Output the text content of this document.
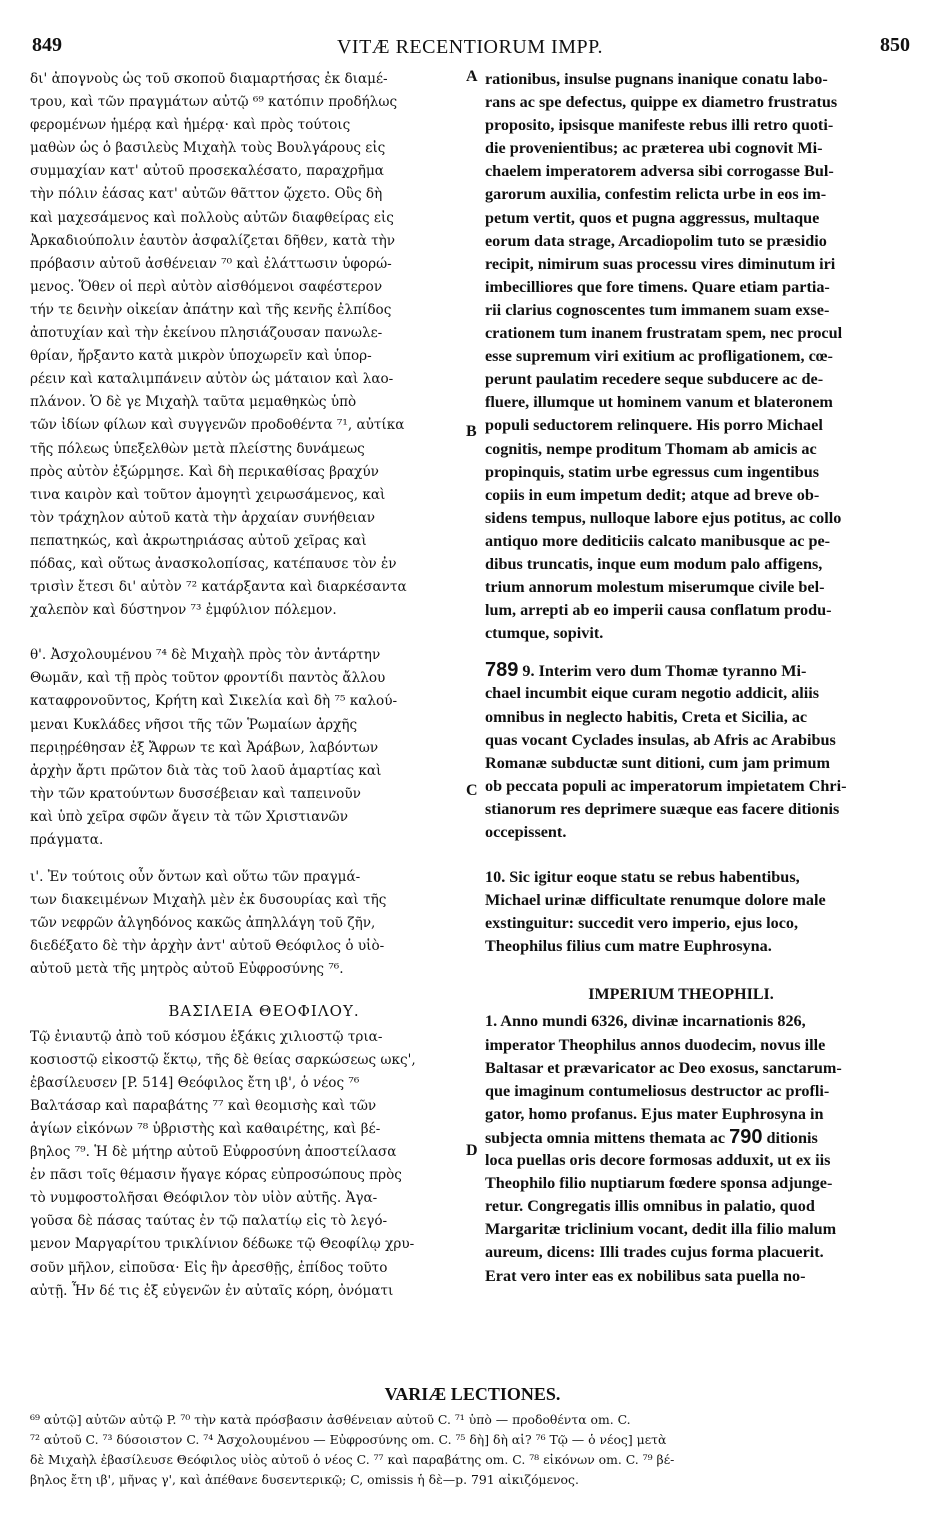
849	VITÆ RECENTIORUM IMPP.	850
A
B
C
D
δι' ἀπογνοὺς ὡς τοῦ σκοποῦ διαμαρτήσας ἐκ διαμέ-
τρου, καὶ τῶν πραγμάτων αὐτῷ ⁶⁹ κατόπιν προδήλως
φερομένων ἡμέρᾳ καὶ ἡμέρᾳ· καὶ πρὸς τούτοις
μαθὼν ὡς ὁ βασιλεὺς Μιχαὴλ τοὺς Βουλγάρους εἰς
συμμαχίαν κατ' αὐτοῦ προσεκαλέσατο, παραχρῆμα
τὴν πόλιν ἐάσας κατ' αὐτῶν θᾶττον ᾤχετο. Οὓς δὴ
καὶ μαχεσάμενος καὶ πολλοὺς αὐτῶν διαφθείρας εἰς
Ἀρκαδιούπολιν ἑαυτὸν ἀσφαλίζεται δῆθεν, κατὰ τὴν
πρόβασιν αὐτοῦ ἀσθένειαν ⁷⁰ καὶ ἐλάττωσιν ὑφορώ-
μενος. Ὅθεν οἱ περὶ αὐτὸν αἰσθόμενοι σαφέστερον
τήν τε δεινὴν οἰκείαν ἀπάτην καὶ τῆς κενῆς ἐλπίδος
ἀποτυχίαν καὶ τὴν ἐκείνου πλησιάζουσαν πανωλε-
θρίαν, ἤρξαντο κατὰ μικρὸν ὑποχωρεῖν καὶ ὑπορ-
ρέειν καὶ καταλιμπάνειν αὐτὸν ὡς μάταιον καὶ λαο-
πλάνον. Ὁ δὲ γε Μιχαὴλ ταῦτα μεμαθηκὼς ὑπὸ
τῶν ἰδίων φίλων καὶ συγγενῶν προδοθέντα ⁷¹, αὐτίκα
τῆς πόλεως ὑπεξελθὼν μετὰ πλείστης δυνάμεως
πρὸς αὐτὸν ἐξώρμησε. Καὶ δὴ περικαθίσας βραχύν
τινα καιρὸν καὶ τοῦτον ἀμογητὶ χειρωσάμενος, καὶ
τὸν τράχηλον αὐτοῦ κατὰ τὴν ἀρχαίαν συνήθειαν
πεπατηκώς, καὶ ἀκρωτηριάσας αὐτοῦ χεῖρας καὶ
πόδας, καὶ οὕτως ἀνασκολοπίσας, κατέπαυσε τὸν ἐν
τρισὶν ἔτεσι δι' αὐτὸν ⁷² κατάρξαντα καὶ διαρκέσαντα
χαλεπὸν καὶ δύστηνον ⁷³ ἐμφύλιον πόλεμον.
θ'. Ἀσχολουμένου ⁷⁴ δὲ Μιχαὴλ πρὸς τὸν ἀντάρτην
Θωμᾶν, καὶ τῇ πρὸς τοῦτον φροντίδι παντὸς ἄλλου
καταφρονοῦντος, Κρήτη καὶ Σικελία καὶ δὴ ⁷⁵ καλού-
μεναι Κυκλάδες νῆσοι τῆς τῶν Ῥωμαίων ἀρχῆς
περιῃρέθησαν ἐξ Ἄφρων τε καὶ Ἀράβων, λαβόντων
ἀρχὴν ἄρτι πρῶτον διὰ τὰς τοῦ λαοῦ ἁμαρτίας καὶ
τὴν τῶν κρατούντων δυσσέβειαν καὶ ταπεινοῦν
καὶ ὑπὸ χεῖρα σφῶν ἄγειν τὰ τῶν Χριστιανῶν
πράγματα.
ι'. Ἐν τούτοις οὖν ὄντων καὶ οὕτω τῶν πραγμά-
των διακειμένων Μιχαὴλ μὲν ἐκ δυσουρίας καὶ τῆς
τῶν νεφρῶν ἀλγηδόνος κακῶς ἀπηλλάγη τοῦ ζῆν,
διεδέξατο δὲ τὴν ἀρχὴν ἀντ' αὐτοῦ Θεόφιλος ὁ υἱὸ-
αὐτοῦ μετὰ τῆς μητρὸς αὐτοῦ Εὐφροσύνης ⁷⁶.
ΒΑΣΙΛΕΙΑ ΘΕΟΦΙΛΟΥ.
Τῷ ἐνιαυτῷ ἀπὸ τοῦ κόσμου ἑξάκις χιλιοστῷ τρια-
κοσιοστῷ εἰκοστῷ ἕκτῳ, τῆς δὲ θείας σαρκώσεως ωκς',
ἐβασίλευσεν [P. 514] Θεόφιλος ἔτη ιβ', ὁ νέος ⁷⁶
Βαλτάσαρ καὶ παραβάτης ⁷⁷ καὶ θεομισὴς καὶ τῶν
ἁγίων εἰκόνων ⁷⁸ ὑβριστὴς καὶ καθαιρέτης, καὶ βέ-
βηλος ⁷⁹. Ἡ δὲ μήτηρ αὐτοῦ Εὐφροσύνη ἀποστείλασα
ἐν πᾶσι τοῖς θέμασιν ἤγαγε κόρας εὐπροσώπους πρὸς
τὸ νυμφοστολῆσαι Θεόφιλον τὸν υἱὸν αὐτῆς. Ἀγα-
γοῦσα δὲ πάσας ταύτας ἐν τῷ παλατίῳ εἰς τὸ λεγό-
μενον Μαργαρίτου τρικλίνιον δέδωκε τῷ Θεοφίλῳ χρυ-
σοῦν μῆλον, εἰποῦσα· Εἰς ἣν ἀρεσθῇς, ἐπίδος τοῦτο
αὐτῇ. Ἦν δέ τις ἐξ εὐγενῶν ἐν αὐταῖς κόρη, ὀνόματι
rationibus, insulse pugnans inanique conatu labo-
rans ac spe defectus, quippe ex diametro frustratus
proposito, ipsisque manifeste rebus illi retro quoti-
die provenientibus; ac præterea ubi cognovit Mi-
chaelem imperatorem adversa sibi corrogasse Bul-
garorum auxilia, confestim relicta urbe in eos im-
petum vertit, quos et pugna aggressus, multaque
eorum data strage, Arcadiopolim tuto se præsidio
recipit, nimirum suas processu vires diminutum iri
imbecilliores que fore timens. Quare etiam partia-
rii clarius cognoscentes tum immanem suam exse-
crationem tum inanem frustratam spem, nec procul
esse supremum viri exitium ac profligationem, cœ-
perunt paulatim recedere seque subducere ac de-
fluere, illumque ut hominem vanum et blateronem
populi seductorem relinquere. His porro Michael
cognitis, nempe proditum Thomam ab amicis ac
propinquis, statim urbe egressus cum ingentibus
copiis in eum impetum dedit; atque ad breve ob-
sidens tempus, nulloque labore ejus potitus, ac collo
antiquo more dediticiis calcato manibusque ac pe-
dibus truncatis, inque eum modum palo affigens,
trium annorum molestum miserumque civile bel-
lum, arrepti ab eo imperii causa conflatum produ-
ctumque, sopivit.
789 9. Interim vero dum Thomæ tyranno Mi-
chael incumbit eique curam negotio addicit, aliis
omnibus in neglecto habitis, Creta et Sicilia, ac
quas vocant Cyclades insulas, ab Afris ac Arabibus
Romanæ subductæ sunt ditioni, cum jam primum
ob peccata populi ac imperatorum impietatem Chri-
stianorum res deprimere suæque eas facere ditionis
occepissent.
10. Sic igitur eoque statu se rebus habentibus,
Michael urinæ difficultate renumque dolore male
exstinguitur: succedit vero imperio, ejus loco,
Theophilus filius cum matre Euphrosyna.
IMPERIUM THEOPHILI.
1. Anno mundi 6326, divinæ incarnationis 826,
imperator Theophilus annos duodecim, novus ille
Baltasar et prævaricator ac Deo exosus, sanctarum-
que imaginum contumeliosus destructor ac profli-
gator, homo profanus. Ejus mater Euphrosyna in
subjecta omnia mittens themata ac 790 ditionis
loca puellas oris decore formosas adduxit, ut ex iis
Theophilo filio nuptiarum fœdere sponsa adjunge-
retur. Congregatis illis omnibus in palatio, quod
Margaritæ triclinium vocant, dedit illa filio malum
aureum, dicens: Illi trades cujus forma placuerit.
Erat vero inter eas ex nobilibus sata puella no-
VARIÆ LECTIONES.
⁶⁹ αὐτῷ] αὐτῶν αὐτῷ P. ⁷⁰ τὴν κατὰ πρόσβασιν ἀσθένειαν αὐτοῦ C. ⁷¹ ὑπὸ — προδοθέντα om. C.
⁷² αὐτοῦ C. ⁷³ δύσοιστον C. ⁷⁴ Ἀσχολουμένου — Εὐφροσύνης om. C. ⁷⁵ δὴ] δὴ αἱ? ⁷⁶ Τῷ — ὁ νέος] μετὰ
δὲ Μιχαὴλ ἐβασίλευσε Θεόφιλος υἱὸς αὐτοῦ ὁ νέος C. ⁷⁷ καὶ παραβάτης om. C. ⁷⁸ εἰκόνων om. C. ⁷⁹ βέ-
βηλος ἔτη ιβ', μῆνας γ', καὶ ἀπέθανε δυσεντερικῷ; C, omissis ἡ δὲ—p. 791 αἰκιζόμενος.
